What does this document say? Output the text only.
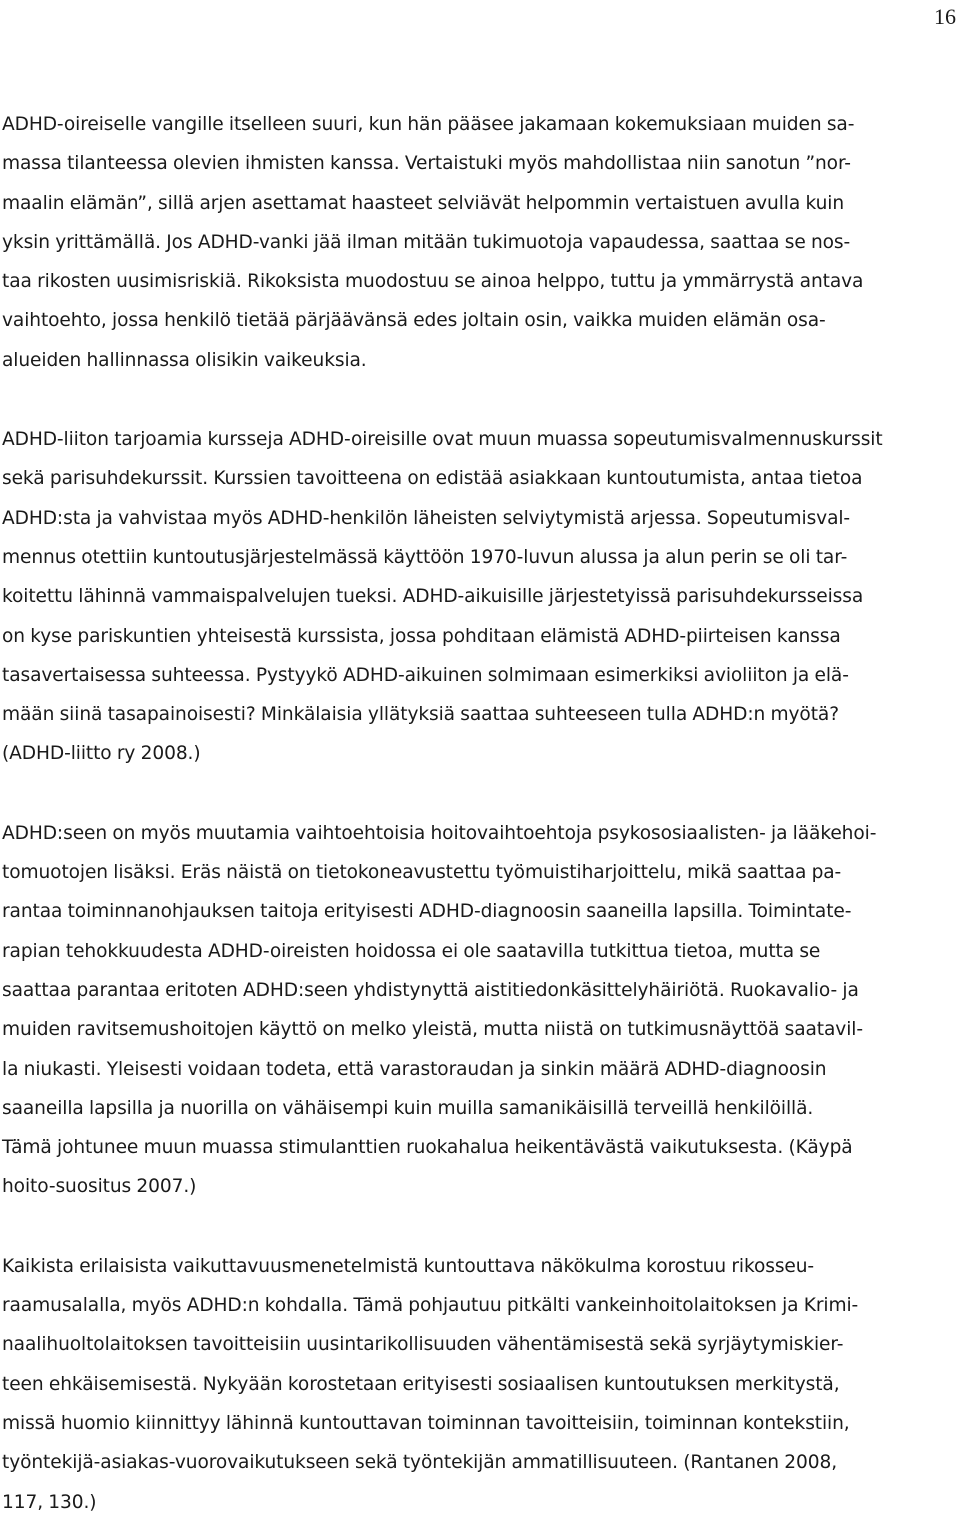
16

ADHD-oireiselle vangille itselleen suuri, kun hän pääsee jakamaan kokemuksiaan muiden sa-
massa tilanteessa olevien ihmisten kanssa. Vertaistuki myös mahdollistaa niin sanotun ”nor-
maalin elämän”, sillä arjen asettamat haasteet selviävät helpommin vertaistuen avulla kuin
yksin yrittämällä. Jos ADHD-vanki jää ilman mitään tukimuotoja vapaudessa, saattaa se nos-
taa rikosten uusimisriskiä. Rikoksista muodostuu se ainoa helppo, tuttu ja ymmärrystä antava
vaihtoehto, jossa henkilö tietää pärjäävänsä edes joltain osin, vaikka muiden elämän osa-
alueiden hallinnassa olisikin vaikeuksia.

ADHD-liiton tarjoamia kursseja ADHD-oireisille ovat muun muassa sopeutumisvalmennuskurssit
sekä parisuhdekurssit. Kurssien tavoitteena on edistää asiakkaan kuntoutumista, antaa tietoa
ADHD:sta ja vahvistaa myös ADHD-henkilön läheisten selviytymistä arjessa. Sopeutumisval-
mennus otettiin kuntoutusjärjestelmässä käyttöön 1970-luvun alussa ja alun perin se oli tar-
koitettu lähinnä vammaispalvelujen tueksi. ADHD-aikuisille järjestetyissä parisuhdekursseissa
on kyse pariskuntien yhteisestä kurssista, jossa pohditaan elämistä ADHD-piirteisen kanssa
tasavertaisessa suhteessa. Pystyykö ADHD-aikuinen solmimaan esimerkiksi avioliiton ja elä-
mään siinä tasapainoisesti? Minkälaisia yllätyksiä saattaa suhteeseen tulla ADHD:n myötä?
(ADHD-liitto ry 2008.)

ADHD:seen on myös muutamia vaihtoehtoisia hoitovaihtoehtoja psykososiaalisten- ja lääkehoi-
tomuotojen lisäksi. Eräs näistä on tietokoneavustettu työmuistiharjoittelu, mikä saattaa pa-
rantaa toiminnanohjauksen taitoja erityisesti ADHD-diagnoosin saaneilla lapsilla. Toimintate-
rapian tehokkuudesta ADHD-oireisten hoidossa ei ole saatavilla tutkittua tietoa, mutta se
saattaa parantaa eritoten ADHD:seen yhdistynyttä aistitiedonkäsittelyhäiriötä. Ruokavalio- ja
muiden ravitsemushoitojen käyttö on melko yleistä, mutta niistä on tutkimusnäyttöä saatavil-
la niukasti. Yleisesti voidaan todeta, että varastoraudan ja sinkin määrä ADHD-diagnoosin
saaneilla lapsilla ja nuorilla on vähäisempi kuin muilla samanikäisillä terveillä henkilöillä.
Tämä johtunee muun muassa stimulanttien ruokahalua heikentävästä vaikutuksesta. (Käypä
hoito-suositus 2007.)

Kaikista erilaisista vaikuttavuusmenetelmistä kuntouttava näkökulma korostuu rikosseu-
raamusalalla, myös ADHD:n kohdalla. Tämä pohjautuu pitkälti vankeinhoitolaitoksen ja Krimi-
naalihuoltolaitoksen tavoitteisiin uusintarikollisuuden vähentämisestä sekä syrjäytymiskier-
teen ehkäisemisestä. Nykyään korostetaan erityisesti sosiaalisen kuntoutuksen merkitystä,
missä huomio kiinnittyy lähinnä kuntouttavan toiminnan tavoitteisiin, toiminnan kontekstiin,
työntekijä-asiakas-vuorovaikutukseen sekä työntekijän ammatillisuuteen. (Rantanen 2008,
117, 130.)
